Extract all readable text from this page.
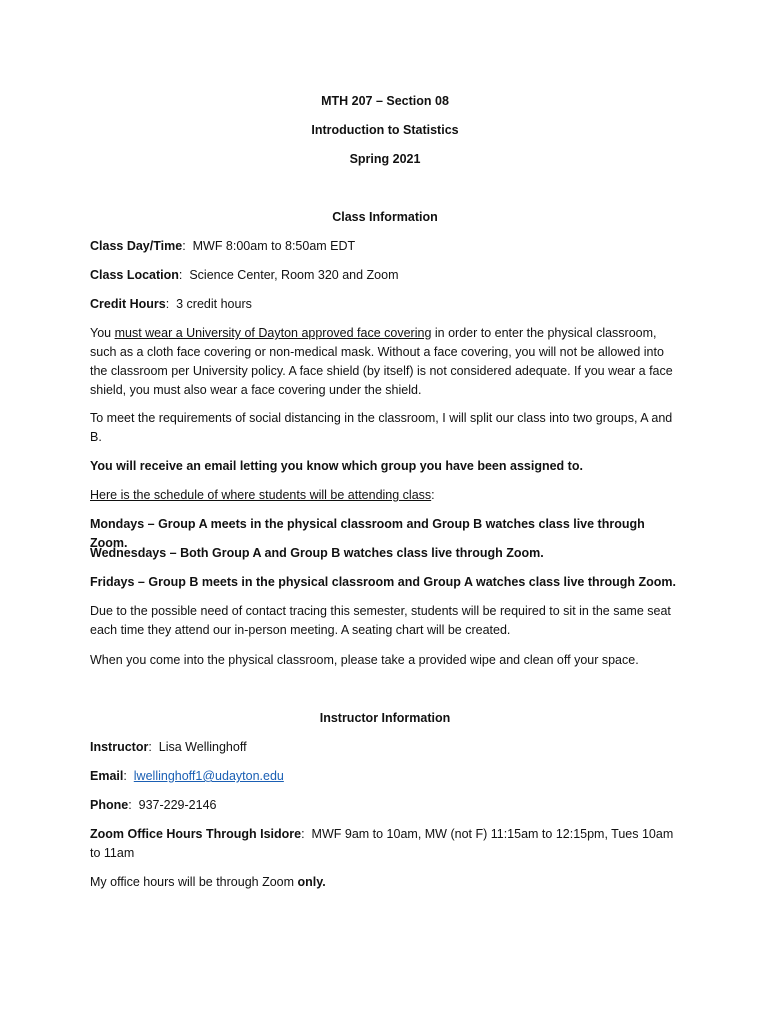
MTH 207 – Section 08

Introduction to Statistics

Spring 2021

Class Information

Class Day/Time:  MWF 8:00am to 8:50am EDT

Class Location:  Science Center, Room 320 and Zoom

Credit Hours:  3 credit hours

You must wear a University of Dayton approved face covering in order to enter the physical classroom, such as a cloth face covering or non-medical mask. Without a face covering, you will not be allowed into the classroom per University policy. A face shield (by itself) is not considered adequate. If you wear a face shield, you must also wear a face covering under the shield.

To meet the requirements of social distancing in the classroom, I will split our class into two groups, A and B.

You will receive an email letting you know which group you have been assigned to.

Here is the schedule of where students will be attending class:

Mondays – Group A meets in the physical classroom and Group B watches class live through Zoom.

Wednesdays – Both Group A and Group B watches class live through Zoom.

Fridays – Group B meets in the physical classroom and Group A watches class live through Zoom.

Due to the possible need of contact tracing this semester, students will be required to sit in the same seat each time they attend our in-person meeting. A seating chart will be created.

When you come into the physical classroom, please take a provided wipe and clean off your space.

Instructor Information

Instructor:  Lisa Wellinghoff

Email:  lwellinghoff1@udayton.edu

Phone:  937-229-2146

Zoom Office Hours Through Isidore:  MWF 9am to 10am, MW (not F) 11:15am to 12:15pm, Tues 10am to 11am

My office hours will be through Zoom only.
